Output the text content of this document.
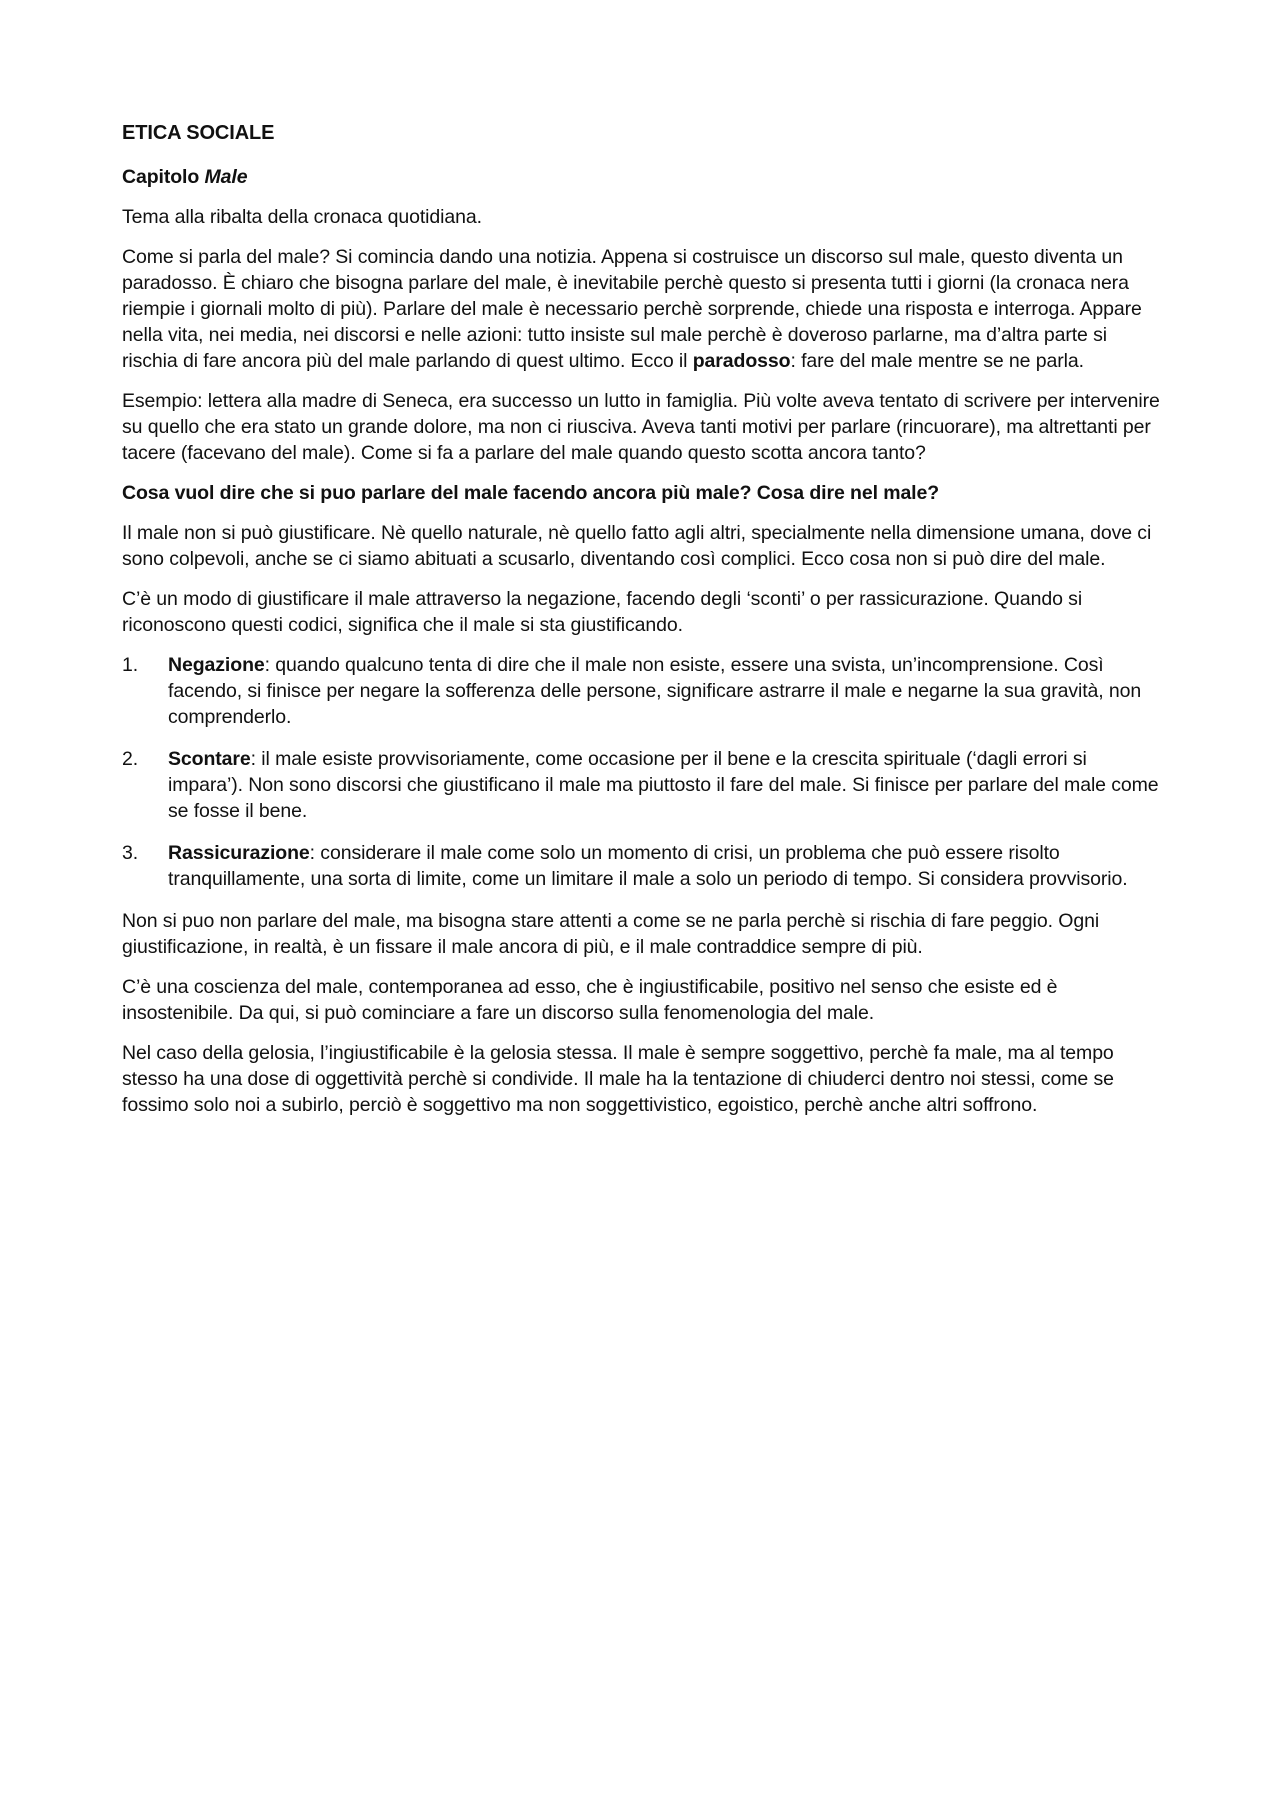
ETICA SOCIALE
Capitolo Male

Tema alla ribalta della cronaca quotidiana.

Come si parla del male? Si comincia dando una notizia. Appena si costruisce un discorso sul male, questo diventa un paradosso. È chiaro che bisogna parlare del male, è inevitabile perchè questo si presenta tutti i giorni (la cronaca nera riempie i giornali molto di più). Parlare del male è necessario perchè sorprende, chiede una risposta e interroga. Appare nella vita, nei media, nei discorsi e nelle azioni: tutto insiste sul male perchè è doveroso parlarne, ma d’altra parte si rischia di fare ancora più del male parlando di quest ultimo. Ecco il paradosso: fare del male mentre se ne parla.

Esempio: lettera alla madre di Seneca, era successo un lutto in famiglia. Più volte aveva tentato di scrivere per intervenire su quello che era stato un grande dolore, ma non ci riusciva. Aveva tanti motivi per parlare (rincuorare), ma altrettanti per tacere (facevano del male). Come si fa a parlare del male quando questo scotta ancora tanto?

Cosa vuol dire che si puo parlare del male facendo ancora più male? Cosa dire nel male?

Il male non si può giustificare. Nè quello naturale, nè quello fatto agli altri, specialmente nella dimensione umana, dove ci sono colpevoli, anche se ci siamo abituati a scusarlo, diventando così complici. Ecco cosa non si può dire del male.

C’è un modo di giustificare il male attraverso la negazione, facendo degli ‘sconti’ o per rassicurazione. Quando si riconoscono questi codici, significa che il male si sta giustificando.

1. Negazione: quando qualcuno tenta di dire che il male non esiste, essere una svista, un’incomprensione. Così facendo, si finisce per negare la sofferenza delle persone, significare astrarre il male e negarne la sua gravità, non comprenderlo.
2. Scontare: il male esiste provvisoriamente, come occasione per il bene e la crescita spirituale (‘dagli errori si impara’). Non sono discorsi che giustificano il male ma piuttosto il fare del male. Si finisce per parlare del male come se fosse il bene.
3. Rassicurazione: considerare il male come solo un momento di crisi, un problema che può essere risolto tranquillamente, una sorta di limite, come un limitare il male a solo un periodo di tempo. Si considera provvisorio.

Non si puo non parlare del male, ma bisogna stare attenti a come se ne parla perchè si rischia di fare peggio. Ogni giustificazione, in realtà, è un fissare il male ancora di più, e il male contraddice sempre di più.

C’è una coscienza del male, contemporanea ad esso, che è ingiustificabile, positivo nel senso che esiste ed è insostenibile. Da qui, si può cominciare a fare un discorso sulla fenomenologia del male.

Nel caso della gelosia, l’ingiustificabile è la gelosia stessa. Il male è sempre soggettivo, perchè fa male, ma al tempo stesso ha una dose di oggettività perchè si condivide. Il male ha la tentazione di chiuderci dentro noi stessi, come se fossimo solo noi a subirlo, perciò è soggettivo ma non soggettivistico, egoistico, perchè anche altri soffrono.
